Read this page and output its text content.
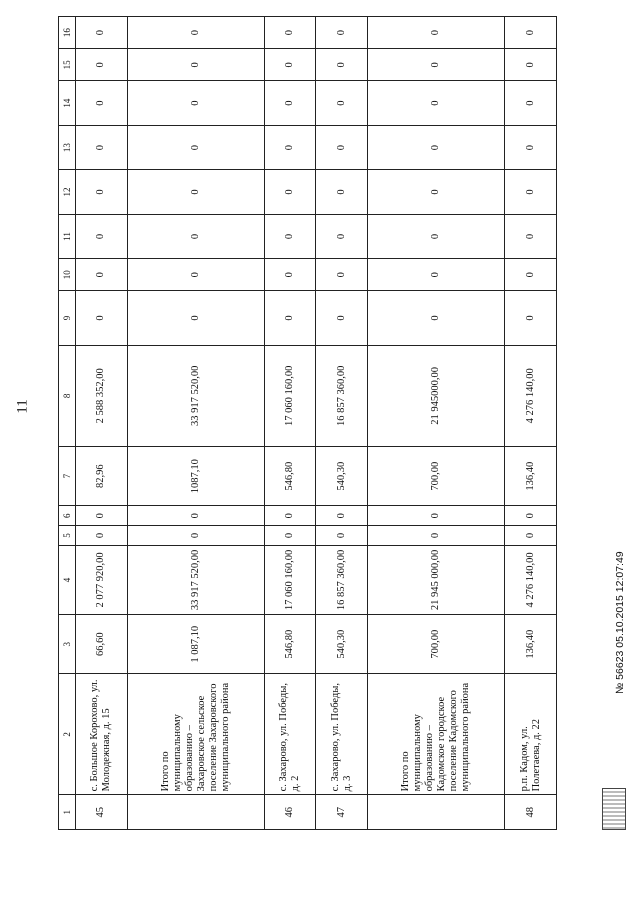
11
1	2	3	4	5	6	7	8	9	10	11	12	13	14	15	16
45	с. Большое Корохово, ул. Молодежная, д. 15	66,60	2 077 920,00	0	0	82,96	2 588 352,00	0	0	0	0	0	0	0	0
	Итого по муниципальному образованию – Захаровское сельское поселение Захаровского муниципального района	1 087,10	33 917 520,00	0	0	1087,10	33 917 520,00	0	0	0	0	0	0	0	0
46	с. Захарово, ул. Победы, д. 2	546,80	17 060 160,00	0	0	546,80	17 060 160,00	0	0	0	0	0	0	0	0
47	с. Захарово, ул. Победы, д. 3	540,30	16 857 360,00	0	0	540,30	16 857 360,00	0	0	0	0	0	0	0	0
	Итого по муниципальному образованию – Кадомское городское поселение Кадомского муниципального района	700,00	21 945 000,00	0	0	700,00	21 945000,00	0	0	0	0	0	0	0	0
48	р.п. Кадом, ул. Полетаева, д. 22	136,40	4 276 140,00	0	0	136,40	4 276 140,00	0	0	0	0	0	0	0	0
№ 56623 05.10.2015 12:07:49
